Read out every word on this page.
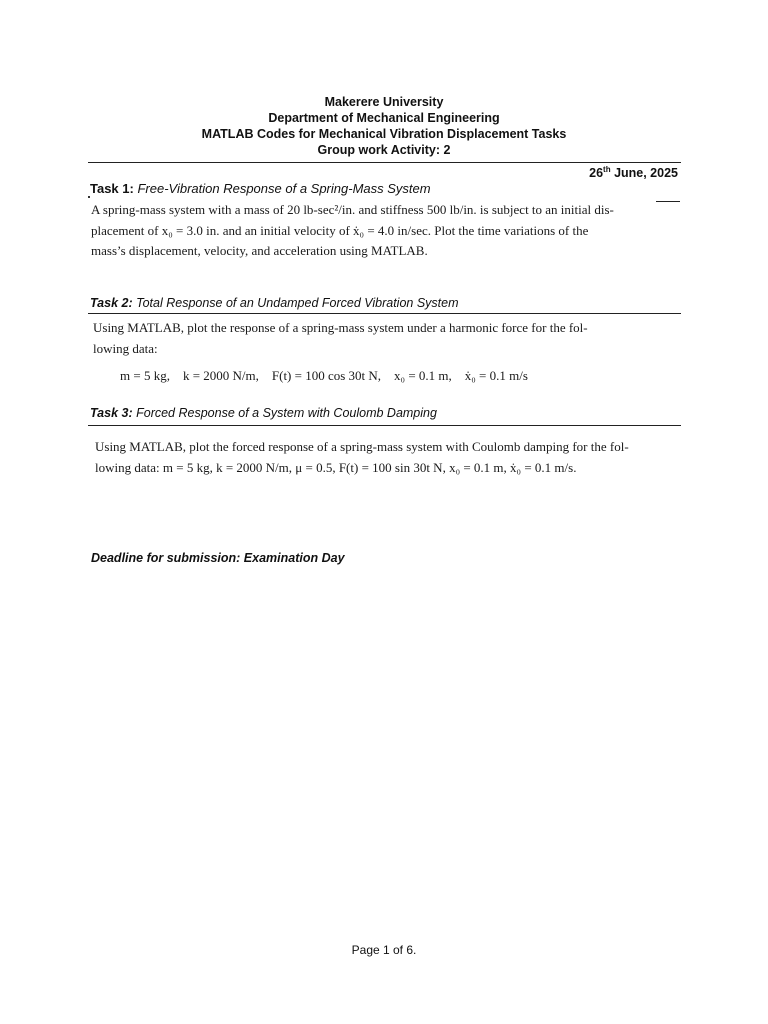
Makerere University
Department of Mechanical Engineering
MATLAB Codes for Mechanical Vibration Displacement Tasks
Group work Activity: 2
26th June, 2025
Task 1: Free-Vibration Response of a Spring-Mass System
A spring-mass system with a mass of 20 lb-sec²/in. and stiffness 500 lb/in. is subject to an initial dis-
placement of x₀ = 3.0 in. and an initial velocity of ẋ₀ = 4.0 in/sec. Plot the time variations of the
mass’s displacement, velocity, and acceleration using MATLAB.
Task 2: Total Response of an Undamped Forced Vibration System
Using MATLAB, plot the response of a spring-mass system under a harmonic force for the fol-
lowing data:
m = 5 kg,    k = 2000 N/m,    F(t) = 100 cos 30t N,    x₀ = 0.1 m,    ẋ₀ = 0.1 m/s
Task 3: Forced Response of a System with Coulomb Damping
Using MATLAB, plot the forced response of a spring-mass system with Coulomb damping for the fol-
lowing data: m = 5 kg, k = 2000 N/m, μ = 0.5, F(t) = 100 sin 30t N, x₀ = 0.1 m, ẋ₀ = 0.1 m/s.
Deadline for submission: Examination Day
Page 1 of 6.
